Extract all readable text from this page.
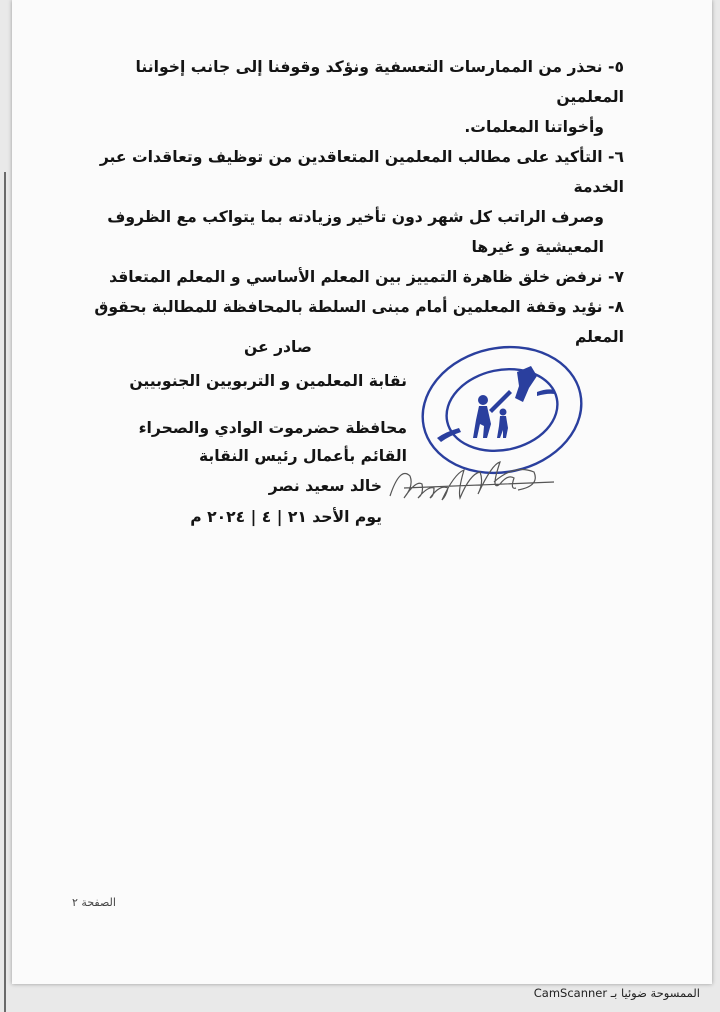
٥- نحذر من الممارسات التعسفية ونؤكد وقوفنا إلى جانب إخواننا المعلمين

وأخواتنا المعلمات.

٦- التأكيد على مطالب المعلمين المتعاقدين من توظيف وتعاقدات عبر الخدمة

وصرف الراتب كل شهر دون تأخير وزيادته بما يتواكب مع الظروف

المعيشية و غيرها

٧- نرفض خلق ظاهرة التمييز بين المعلم الأساسي و المعلم المتعاقد

٨- نؤيد وقفة المعلمين أمام مبنى السلطة بالمحافظة للمطالبة بحقوق المعلم

صادر عن
نقابة المعلمين و التربويين الجنوبيين
محافظة حضرموت الوادي والصحراء
القائم بأعمال رئيس النقابة
خالد سعيد نصر
يوم الأحد ٢١ | ٤ | ٢٠٢٤ م
الصفحة ٢
الممسوحة ضوئيا بـ CamScanner
